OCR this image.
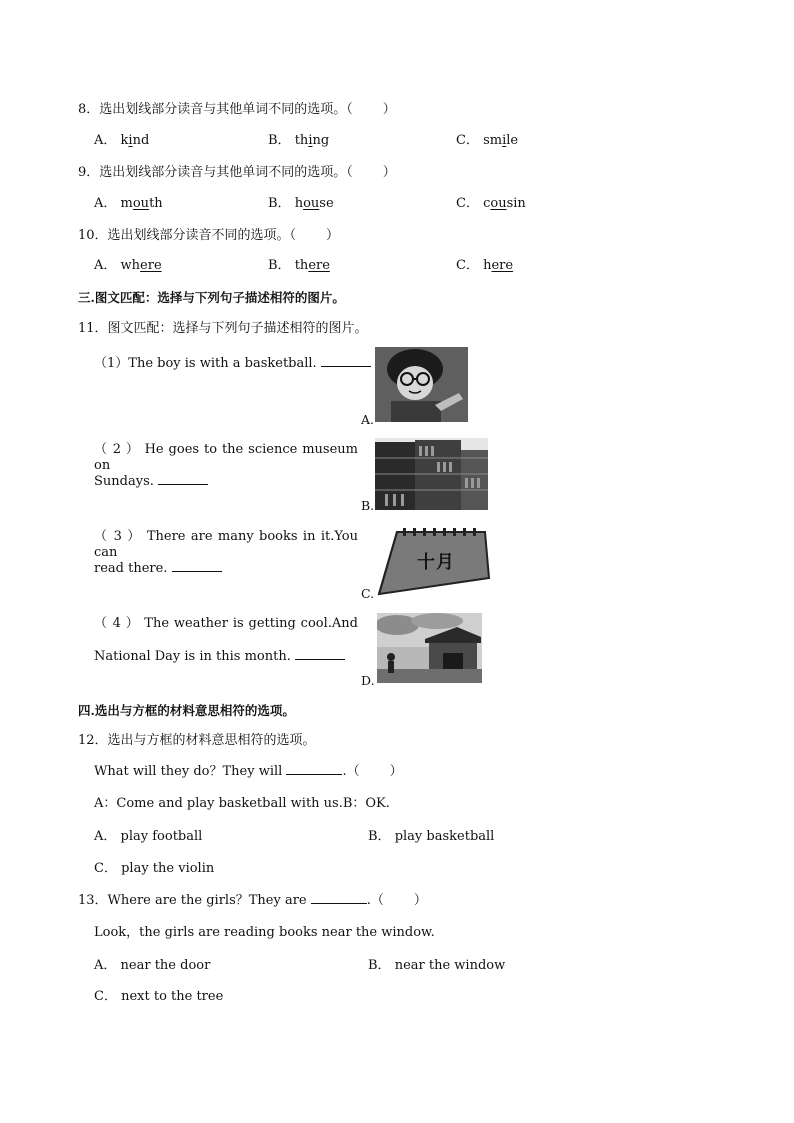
8．选出划线部分读音与其他单词不同的选项。（ ）
A． kind	B． thing	C． smile
9．选出划线部分读音与其他单词不同的选项。（ ）
A． mouth	B． house	C． cousin
10．选出划线部分读音不同的选项。（ ）
A． where	B． there	C． here
三.图文匹配：选择与下列句子描述相符的图片。
11．图文匹配：选择与下列句子描述相符的图片。
（1）The boy is with a basketball.
（ 2 ） He goes to the science museum on
Sundays.
（ 3 ） There are many books in it.You can
read there.
（ 4 ） The weather is getting cool.And
National Day is in this month.
A.
B.
C.
十月
D.
四.选出与方框的材料意思相符的选项。
12．选出与方框的材料意思相符的选项。
What will they do？They will	.（ ）
A：Come and play basketball with us.B：OK.
A． play football	B． play basketball
C． play the violin
13．Where are the girls？They are	.（ ）
Look，the girls are reading books near the window.
A． near the door	B． near the window
C． next to the tree
